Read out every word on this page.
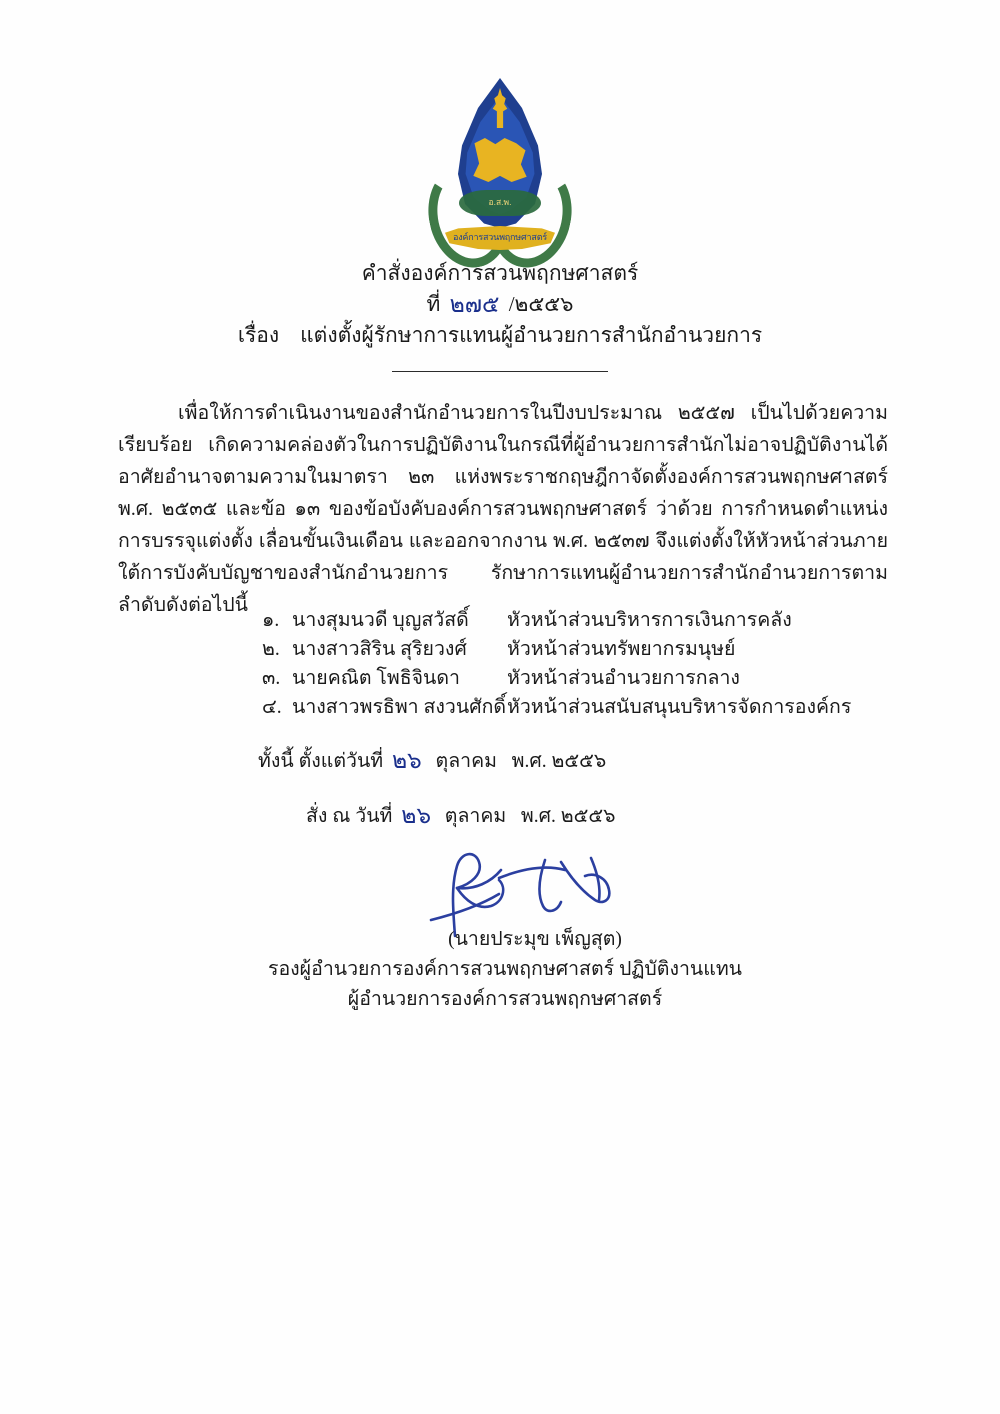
อ.ส.พ.
องค์การสวนพฤกษศาสตร์
คำสั่งองค์การสวนพฤกษศาสตร์
ที่ ๒๗๕ /๒๕๕๖
เรื่อง แต่งตั้งผู้รักษาการแทนผู้อำนวยการสำนักอำนวยการ

เพื่อให้การดำเนินงานของสำนักอำนวยการในปีงบประมาณ ๒๕๕๗ เป็นไปด้วยความเรียบร้อย เกิดความคล่องตัวในการปฏิบัติงานในกรณีที่ผู้อำนวยการสำนักไม่อาจปฏิบัติงานได้ อาศัยอำนาจตามความในมาตรา ๒๓ แห่งพระราชกฤษฎีกาจัดตั้งองค์การสวนพฤกษศาสตร์ พ.ศ. ๒๕๓๕ และข้อ ๑๓ ของข้อบังคับองค์การสวนพฤกษศาสตร์ ว่าด้วย การกำหนดตำแหน่ง การบรรจุแต่งตั้ง เลื่อนขั้นเงินเดือน และออกจากงาน พ.ศ. ๒๕๓๗ จึงแต่งตั้งให้หัวหน้าส่วนภายใต้การบังคับบัญชาของสำนักอำนวยการ รักษาการแทนผู้อำนวยการสำนักอำนวยการตามลำดับดังต่อไปนี้

๑. นางสุมนวดี บุญสวัสดิ์	หัวหน้าส่วนบริหารการเงินการคลัง
๒. นางสาวสิริน สุริยวงศ์	หัวหน้าส่วนทรัพยากรมนุษย์
๓. นายคณิต โพธิจินดา	หัวหน้าส่วนอำนวยการกลาง
๔. นางสาวพรธิพา สงวนศักดิ์ หัวหน้าส่วนสนับสนุนบริหารจัดการองค์กร
ทั้งนี้ ตั้งแต่วันที่ ๒๖ ตุลาคม พ.ศ. ๒๕๕๖
สั่ง ณ วันที่ ๒๖ ตุลาคม พ.ศ. ๒๕๕๖
(นายประมุข เพ็ญสุต)
รองผู้อำนวยการองค์การสวนพฤกษศาสตร์ ปฏิบัติงานแทน
ผู้อำนวยการองค์การสวนพฤกษศาสตร์
